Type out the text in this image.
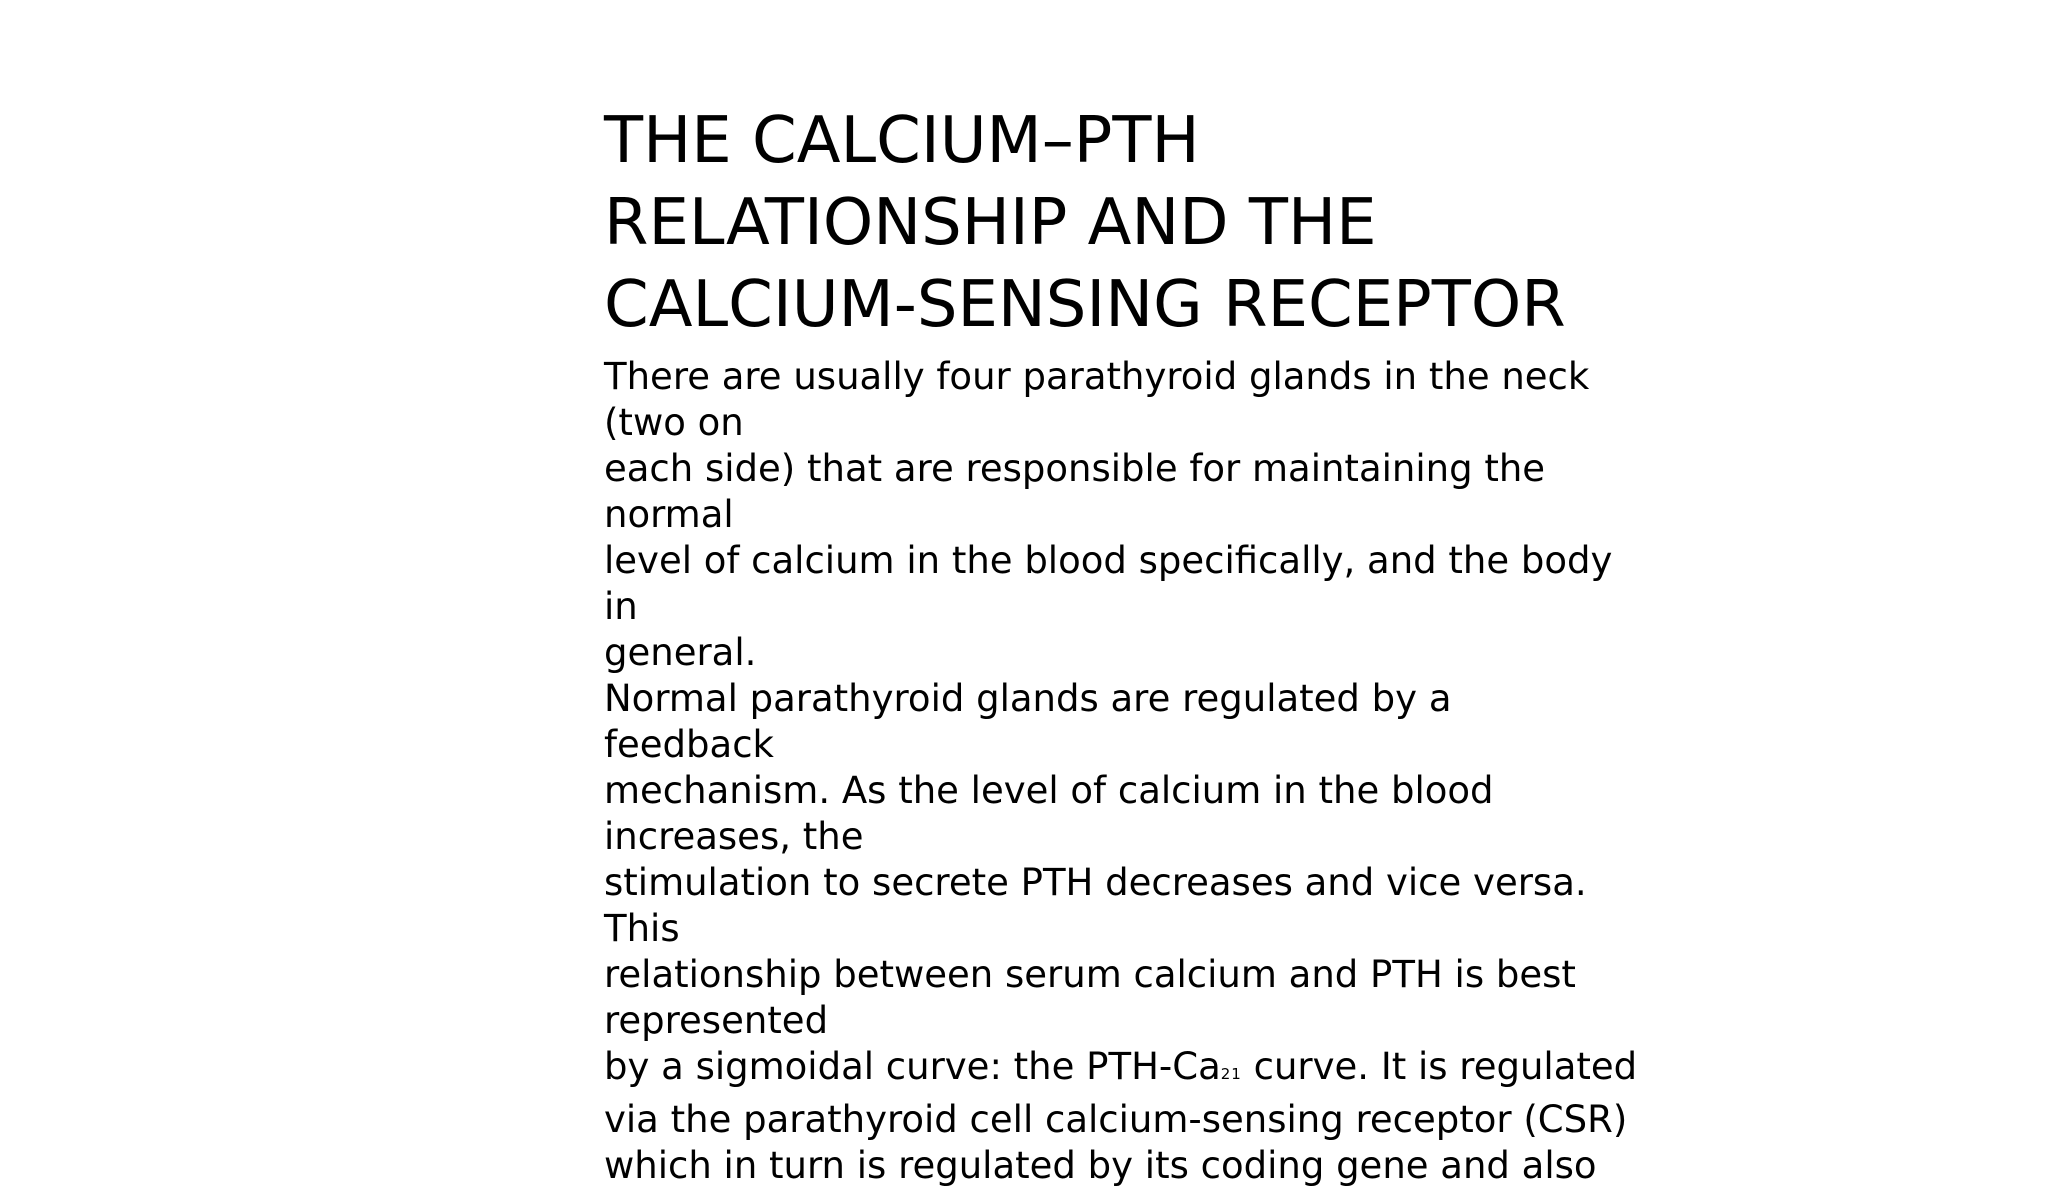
THE CALCIUM–PTH
RELATIONSHIP AND THE
CALCIUM-SENSING RECEPTOR
There are usually four parathyroid glands in the neck
(two on
each side) that are responsible for maintaining the
normal
level of calcium in the blood specifically, and the body
in
general.
Normal parathyroid glands are regulated by a
feedback
mechanism. As the level of calcium in the blood
increases, the
stimulation to secrete PTH decreases and vice versa.
This
relationship between serum calcium and PTH is best
represented
by a sigmoidal curve: the PTH-Ca21 curve. It is regulated
via the parathyroid cell calcium-sensing receptor (CSR)
which in turn is regulated by its coding gene and also
